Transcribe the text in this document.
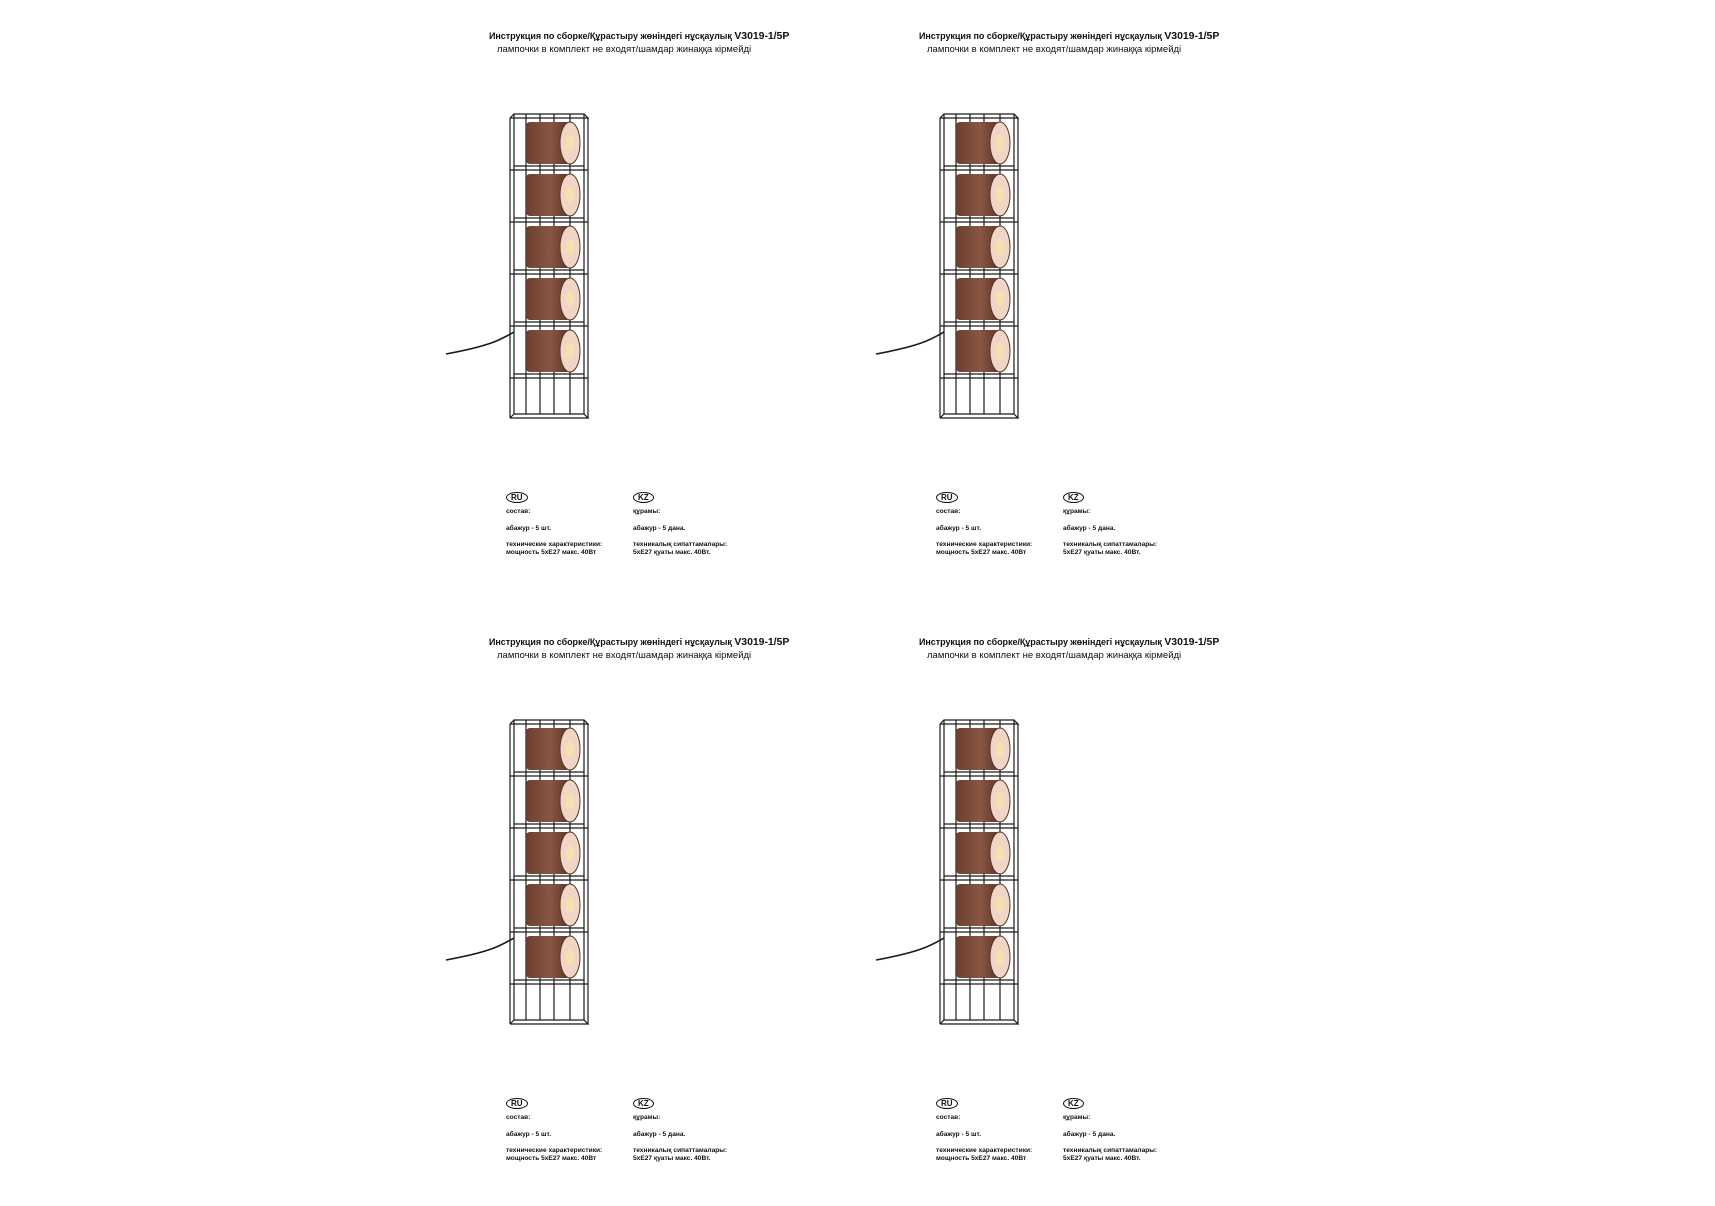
Инструкция по сборке/Құрастыру жөніндегі нұсқаулық V3019-1/5P
лампочки в комплект не входят/шамдар жинаққа кірмейді
RU
состав:
абажур - 5 шт.
технические характеристики:
мощность 5хЕ27 макс. 40Вт
KZ
құрамы:
абажур - 5 дана.
техникалық сипаттамалары:
5хЕ27 қуаты макс. 40Вт.
Инструкция по сборке/Құрастыру жөніндегі нұсқаулық V3019-1/5P
лампочки в комплект не входят/шамдар жинаққа кірмейді
RU
состав:
абажур - 5 шт.
технические характеристики:
мощность 5хЕ27 макс. 40Вт
KZ
құрамы:
абажур - 5 дана.
техникалық сипаттамалары:
5хЕ27 қуаты макс. 40Вт.
Инструкция по сборке/Құрастыру жөніндегі нұсқаулық V3019-1/5P
лампочки в комплект не входят/шамдар жинаққа кірмейді
RU
состав:
абажур - 5 шт.
технические характеристики:
мощность 5хЕ27 макс. 40Вт
KZ
құрамы:
абажур - 5 дана.
техникалық сипаттамалары:
5хЕ27 қуаты макс. 40Вт.
Инструкция по сборке/Құрастыру жөніндегі нұсқаулық V3019-1/5P
лампочки в комплект не входят/шамдар жинаққа кірмейді
RU
состав:
абажур - 5 шт.
технические характеристики:
мощность 5хЕ27 макс. 40Вт
KZ
құрамы:
абажур - 5 дана.
техникалық сипаттамалары:
5хЕ27 қуаты макс. 40Вт.
